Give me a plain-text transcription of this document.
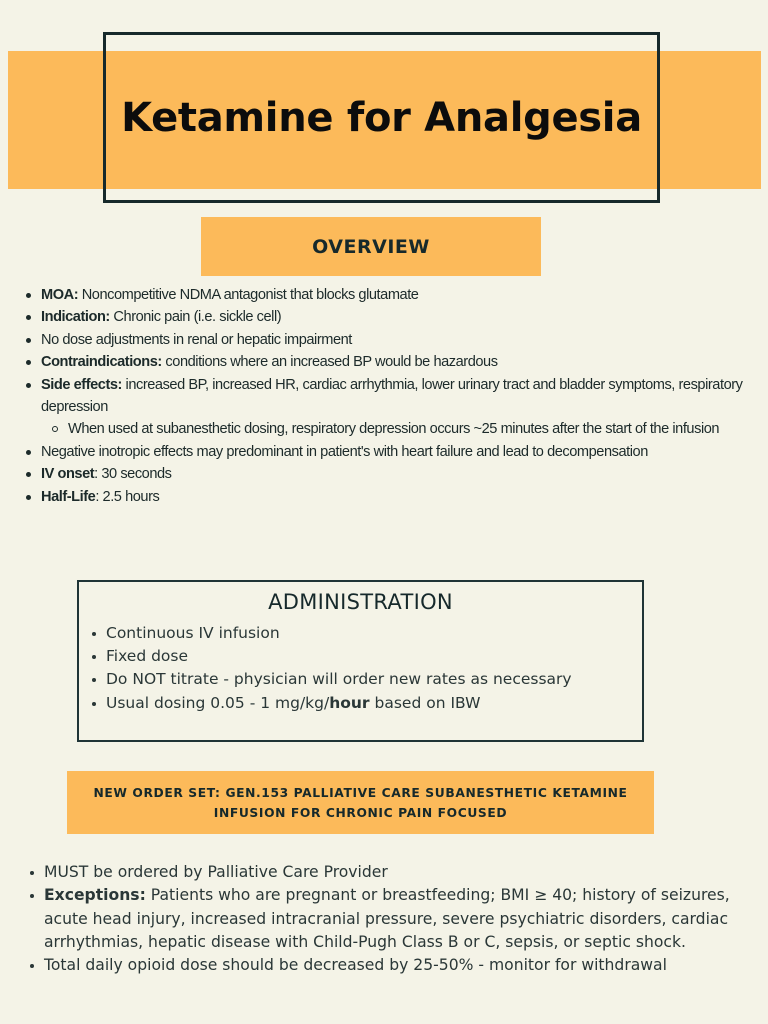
Ketamine for Analgesia
OVERVIEW
MOA: Noncompetitive NDMA antagonist that blocks glutamate
Indication: Chronic pain (i.e. sickle cell)
No dose adjustments in renal or hepatic impairment
Contraindications: conditions where an increased BP would be hazardous
Side effects: increased BP, increased HR, cardiac arrhythmia, lower urinary tract and bladder symptoms, respiratory depression
When used at subanesthetic dosing, respiratory depression occurs ~25 minutes after the start of the infusion
Negative inotropic effects may predominant in patient's with heart failure and lead to decompensation
IV onset: 30 seconds
Half-Life: 2.5 hours
ADMINISTRATION
Continuous IV infusion
Fixed dose
Do NOT titrate - physician will order new rates as necessary
Usual dosing 0.05 - 1 mg/kg/hour based on IBW
NEW ORDER SET: GEN.153 PALLIATIVE CARE SUBANESTHETIC KETAMINE
INFUSION FOR CHRONIC PAIN FOCUSED
MUST be ordered by Palliative Care Provider
Exceptions: Patients who are pregnant or breastfeeding; BMI ≥ 40; history of seizures, acute head injury, increased intracranial pressure, severe psychiatric disorders, cardiac arrhythmias, hepatic disease with Child-Pugh Class B or C, sepsis, or septic shock.
Total daily opioid dose should be decreased by 25-50% - monitor for withdrawal
